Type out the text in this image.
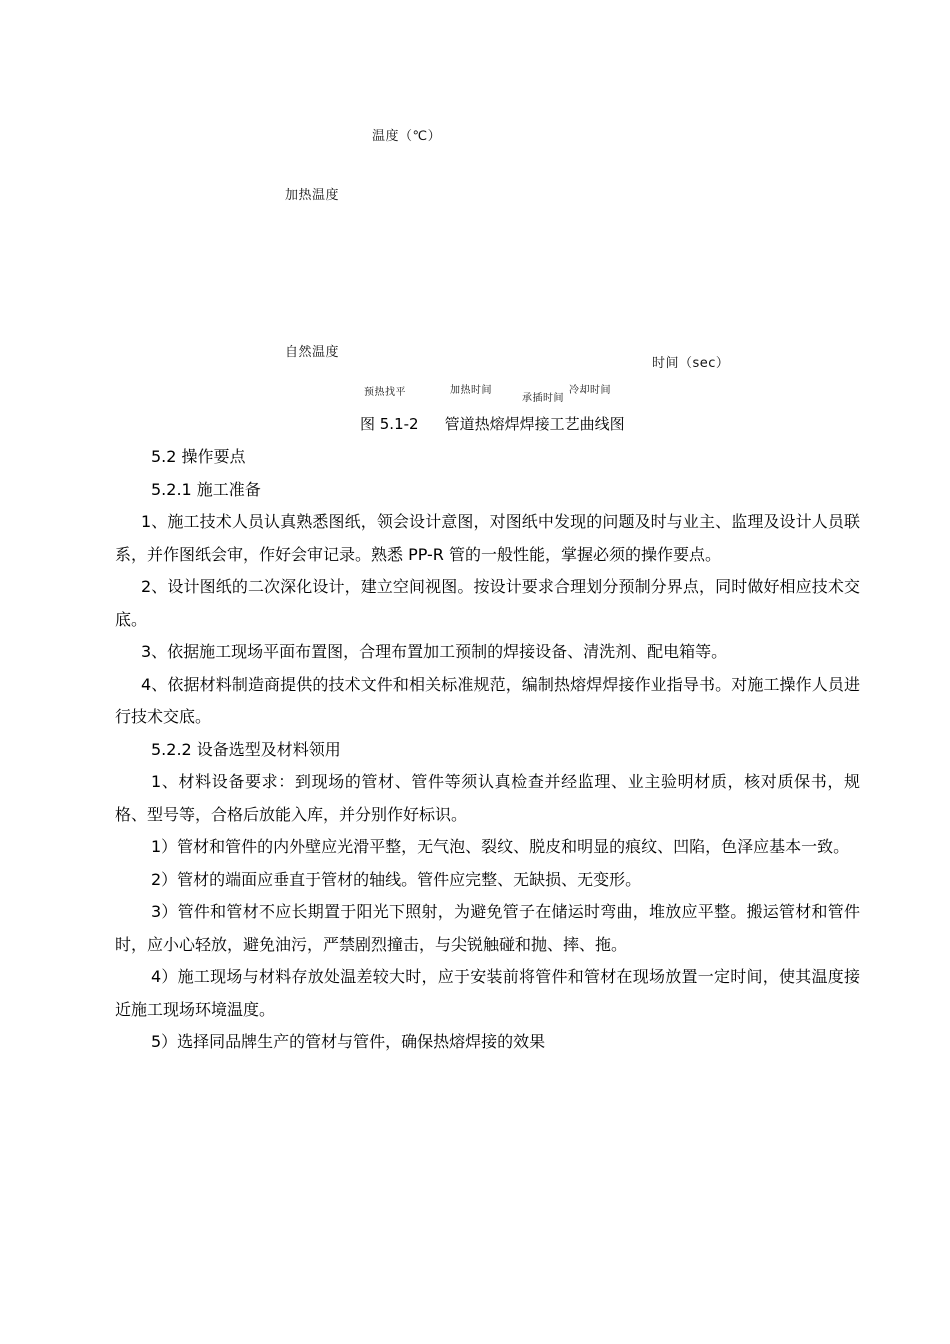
温度（℃）
加热温度
自然温度
时间（sec）
预热找平	加热时间
承插时间
冷却时间
图 5.1-2 管道热熔焊焊接工艺曲线图

5.2 操作要点

5.2.1 施工准备

1、施工技术人员认真熟悉图纸，领会设计意图，对图纸中发现的问题及时与业主、监理及设计人员联系，并作图纸会审，作好会审记录。熟悉 PP-R 管的一般性能，掌握必须的操作要点。

2、设计图纸的二次深化设计，建立空间视图。按设计要求合理划分预制分界点，同时做好相应技术交底。

3、依据施工现场平面布置图，合理布置加工预制的焊接设备、清洗剂、配电箱等。

4、依据材料制造商提供的技术文件和相关标准规范，编制热熔焊焊接作业指导书。对施工操作人员进行技术交底。

5.2.2 设备选型及材料领用

1、材料设备要求：到现场的管材、管件等须认真检查并经监理、业主验明材质，核对质保书，规格、型号等，合格后放能入库，并分别作好标识。

1）管材和管件的内外壁应光滑平整，无气泡、裂纹、脱皮和明显的痕纹、凹陷，色泽应基本一致。

2）管材的端面应垂直于管材的轴线。管件应完整、无缺损、无变形。

3）管件和管材不应长期置于阳光下照射，为避免管子在储运时弯曲，堆放应平整。搬运管材和管件时，应小心轻放，避免油污，严禁剧烈撞击，与尖锐触碰和抛、摔、拖。

4）施工现场与材料存放处温差较大时，应于安装前将管件和管材在现场放置一定时间，使其温度接近施工现场环境温度。

5）选择同品牌生产的管材与管件，确保热熔焊接的效果
